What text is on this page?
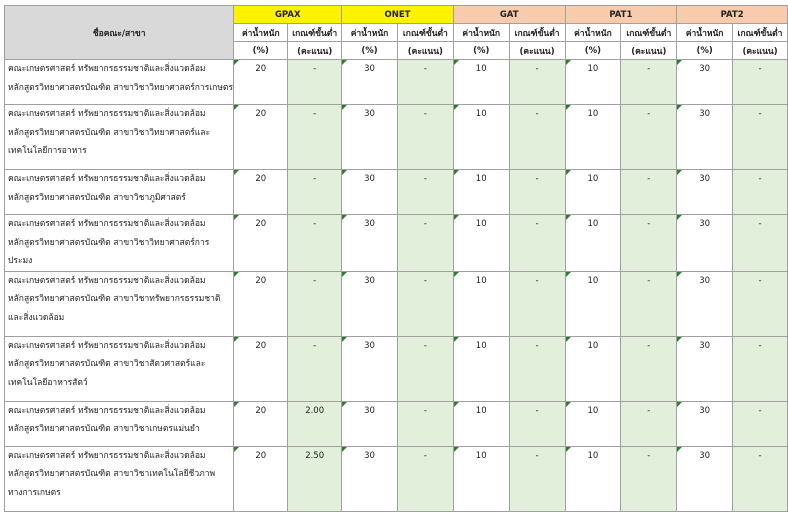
ชื่อคณะ/สาขา	GPAX		ONET		GAT		PAT1		PAT2	
	ค่าน้ำหนัก	เกณฑ์ขั้นต่ำ	ค่าน้ำหนัก	เกณฑ์ขั้นต่ำ	ค่าน้ำหนัก	เกณฑ์ขั้นต่ำ	ค่าน้ำหนัก	เกณฑ์ขั้นต่ำ	ค่าน้ำหนัก	เกณฑ์ขั้นต่ำ
	(%)	(คะแนน)	(%)	(คะแนน)	(%)	(คะแนน)	(%)	(คะแนน)	(%)	(คะแนน)
คณะเกษตรศาสตร์ ทรัพยากรธรรมชาติและสิ่งแวดล้อม หลักสูตรวิทยาศาสตรบัณฑิต สาขาวิชาวิทยาศาสตร์การเกษตร	20	-	30	-	10	-	10	-	30	-
คณะเกษตรศาสตร์ ทรัพยากรธรรมชาติและสิ่งแวดล้อม หลักสูตรวิทยาศาสตรบัณฑิต สาขาวิชาวิทยาศาสตร์และเทคโนโลยีการอาหาร	20	-	30	-	10	-	10	-	30	-
คณะเกษตรศาสตร์ ทรัพยากรธรรมชาติและสิ่งแวดล้อม หลักสูตรวิทยาศาสตรบัณฑิต สาขาวิชาภูมิศาสตร์	20	-	30	-	10	-	10	-	30	-
คณะเกษตรศาสตร์ ทรัพยากรธรรมชาติและสิ่งแวดล้อม หลักสูตรวิทยาศาสตรบัณฑิต สาขาวิชาวิทยาศาสตร์การประมง	20	-	30	-	10	-	10	-	30	-
คณะเกษตรศาสตร์ ทรัพยากรธรรมชาติและสิ่งแวดล้อม หลักสูตรวิทยาศาสตรบัณฑิต สาขาวิชาทรัพยากรธรรมชาติและสิ่งแวดล้อม	20	-	30	-	10	-	10	-	30	-
คณะเกษตรศาสตร์ ทรัพยากรธรรมชาติและสิ่งแวดล้อม หลักสูตรวิทยาศาสตรบัณฑิต สาขาวิชาสัตวศาสตร์และเทคโนโลยีอาหารสัตว์	20	-	30	-	10	-	10	-	30	-
คณะเกษตรศาสตร์ ทรัพยากรธรรมชาติและสิ่งแวดล้อม หลักสูตรวิทยาศาสตรบัณฑิต สาขาวิชาเกษตรแม่นยำ	20	2.00	30	-	10	-	10	-	30	-
คณะเกษตรศาสตร์ ทรัพยากรธรรมชาติและสิ่งแวดล้อม หลักสูตรวิทยาศาสตรบัณฑิต สาขาวิชาเทคโนโลยีชีวภาพทางการเกษตร	20	2.50	30	-	10	-	10	-	30	-
